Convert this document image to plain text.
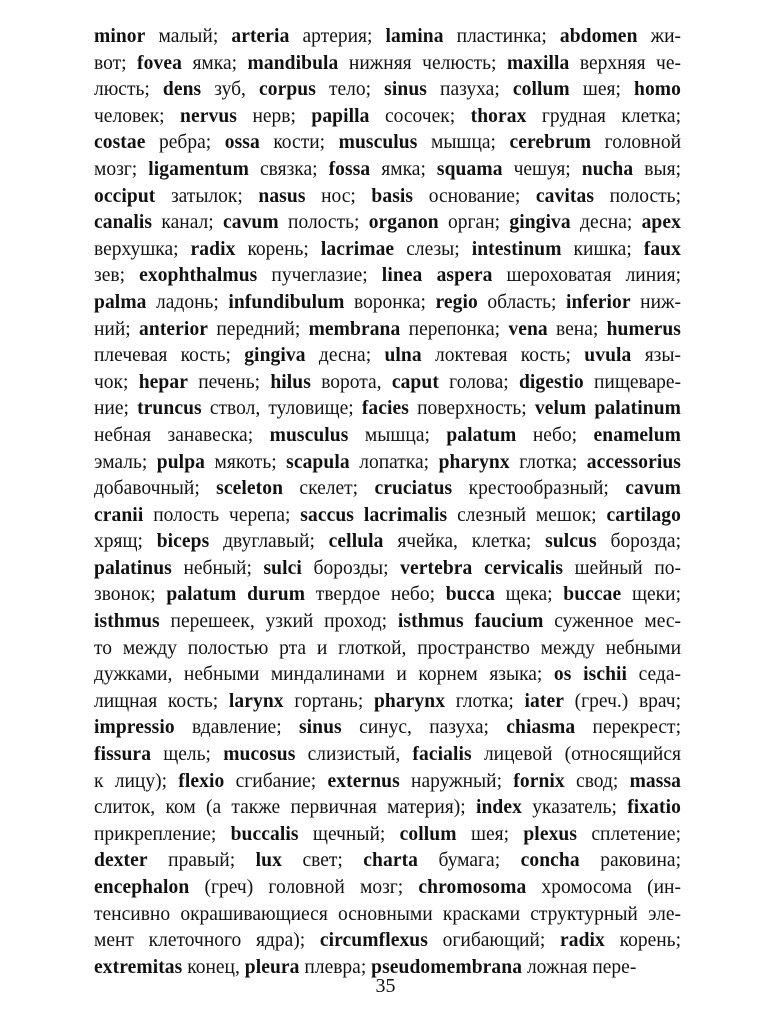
minor малый; arteria артерия; lamina пластинка; abdomen жи-
вот; fovea ямка; mandibula нижняя челюсть; maxilla верхняя че-
люсть; dens зуб, corpus тело; sinus пазуха; collum шея; homo
человек; nervus нерв; papilla сосочек; thorax грудная клетка;
costae ребра; ossa кости; musculus мышца; cerebrum головной
мозг; ligamentum связка; fossa ямка; squama чешуя; nucha выя;
occiput затылок; nasus нос; basis основание; cavitas полость;
canalis канал; cavum полость; organon орган; gingiva десна; apex
верхушка; radix корень; lacrimae слезы; intestinum кишка; faux
зев; exophthalmus пучеглазие; linea aspera шероховатая линия;
palma ладонь; infundibulum воронка; regio область; inferior ниж-
ний; anterior передний; membrana перепонка; vena вена; humerus
плечевая кость; gingiva десна; ulna локтевая кость; uvula язы-
чок; hepar печень; hilus ворота, caput голова; digestio пищеваре-
ние; truncus ствол, туловище; facies поверхность; velum palatinum
небная занавеска; musculus мышца; palatum небо; enamelum
эмаль; pulpa мякоть; scapula лопатка; pharynx глотка; accessorius
добавочный; sceleton скелет; cruciatus крестообразный; cavum
cranii полость черепа; saccus lacrimalis слезный мешок; cartilago
хрящ; biceps двуглавый; cellula ячейка, клетка; sulcus борозда;
palatinus небный; sulci борозды; vertebra cervicalis шейный по-
звонок; palatum durum твердое небо; bucca щека; buccae щеки;
isthmus перешеек, узкий проход; isthmus faucium суженное мес-
то между полостью рта и глоткой, пространство между небными
дужками, небными миндалинами и корнем языка; os ischii седа-
лищная кость; larynx гортань; pharynx глотка; iater (греч.) врач;
impressio вдавление; sinus синус, пазуха; chiasma перекрест;
fissura щель; mucosus слизистый, facialis лицевой (относящийся
к лицу); flexio сгибание; externus наружный; fornix свод; massa
слиток, ком (а также первичная материя); index указатель; fixatio
прикрепление; buccalis щечный; collum шея; plexus сплетение;
dexter правый; lux свет; charta бумага; concha раковина;
encephalon (греч) головной мозг; chromosoma хромосома (ин-
тенсивно окрашивающиеся основными красками структурный эле-
мент клеточного ядра); circumflexus огибающий; radix корень;
extremitas конец, pleura плевра; pseudomembrana ложная пере-
35
